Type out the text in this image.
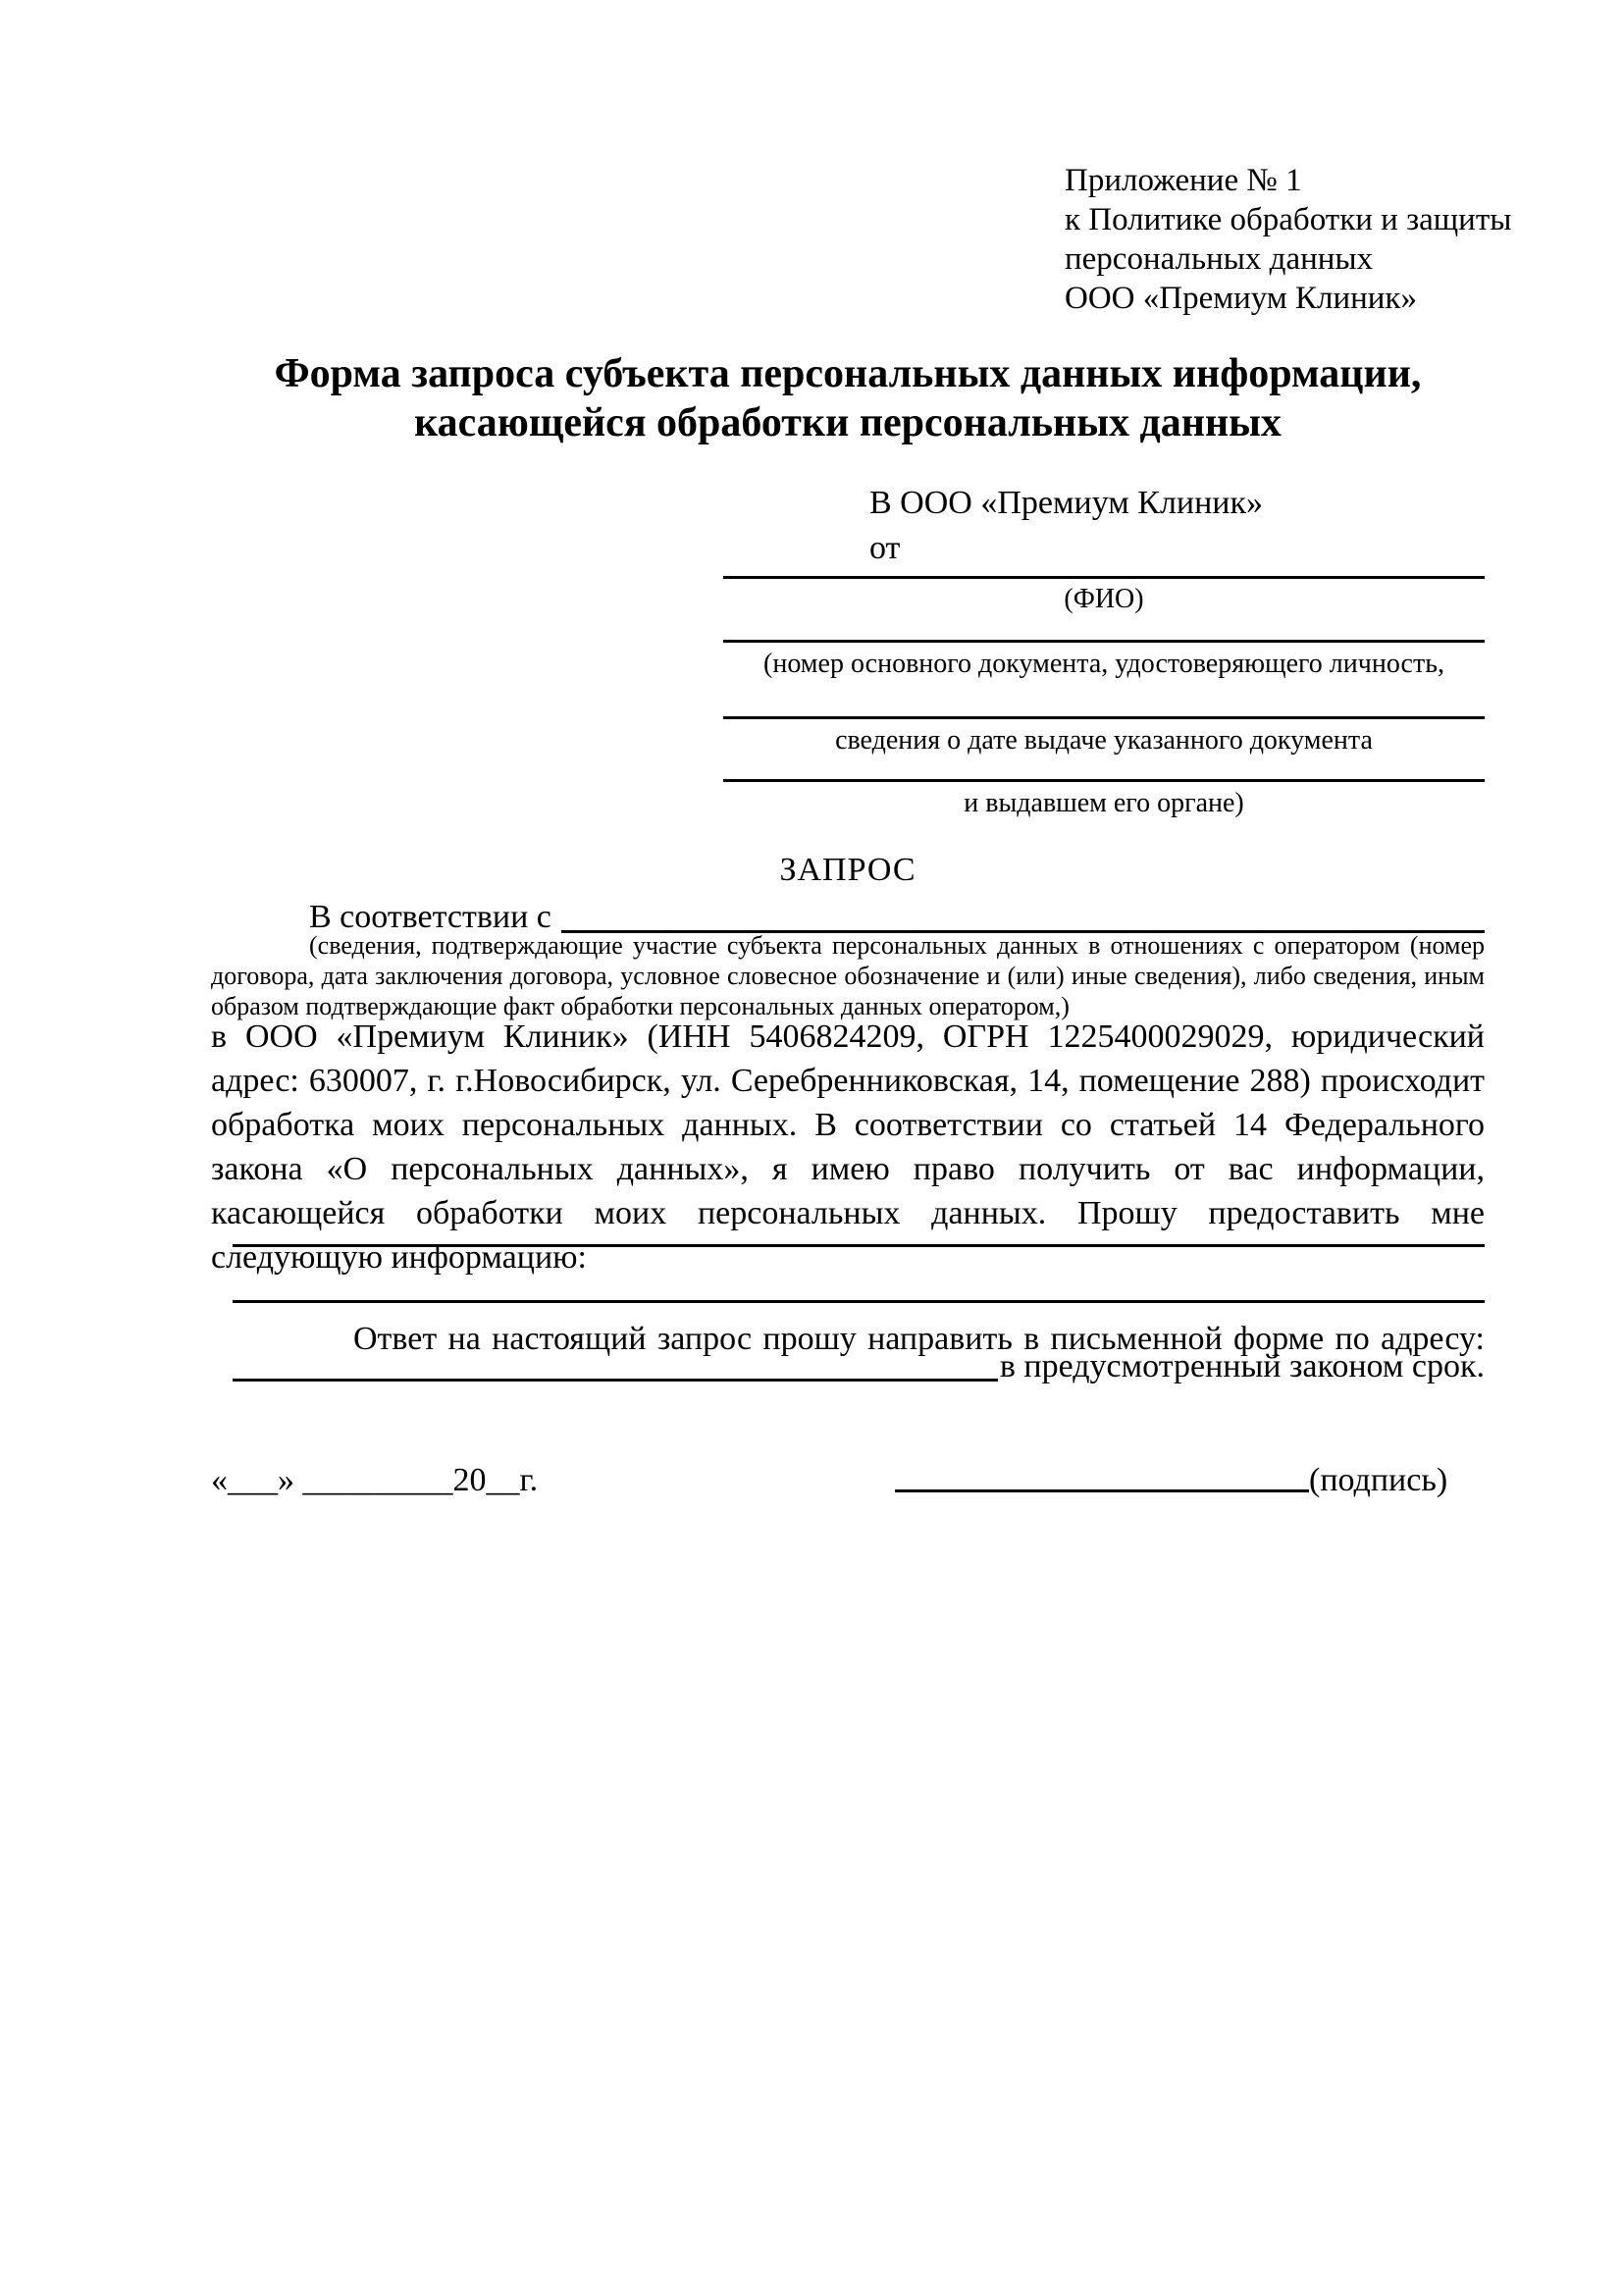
Приложение № 1
к Политике обработки и защиты
персональных данных
ООО «Премиум Клиник»
Форма запроса субъекта персональных данных информации,
касающейся обработки персональных данных
В ООО «Премиум Клиник»
от
(ФИО)
(номер основного документа, удостоверяющего личность,
сведения о дате выдаче указанного документа
и выдавшем его органе)
ЗАПРОС
В соответствии с
(сведения, подтверждающие участие субъекта персональных данных в отношениях с оператором (номер договора, дата заключения договора, условное словесное обозначение и (или) иные сведения), либо сведения, иным образом подтверждающие факт обработки персональных данных оператором,)
в ООО «Премиум Клиник» (ИНН 5406824209, ОГРН 1225400029029, юридический адрес: 630007, г. г.Новосибирск, ул. Серебренниковская, 14, помещение 288) происходит обработка моих персональных данных. В соответствии со статьей 14 Федерального закона «О персональных данных», я имею право получить от вас информации, касающейся обработки моих персональных данных. Прошу предоставить мне следующую информацию:
Ответ на настоящий запрос прошу направить в письменной форме по адресу:
в предусмотренный законом срок.
«___» _________20__г.	(подпись)
